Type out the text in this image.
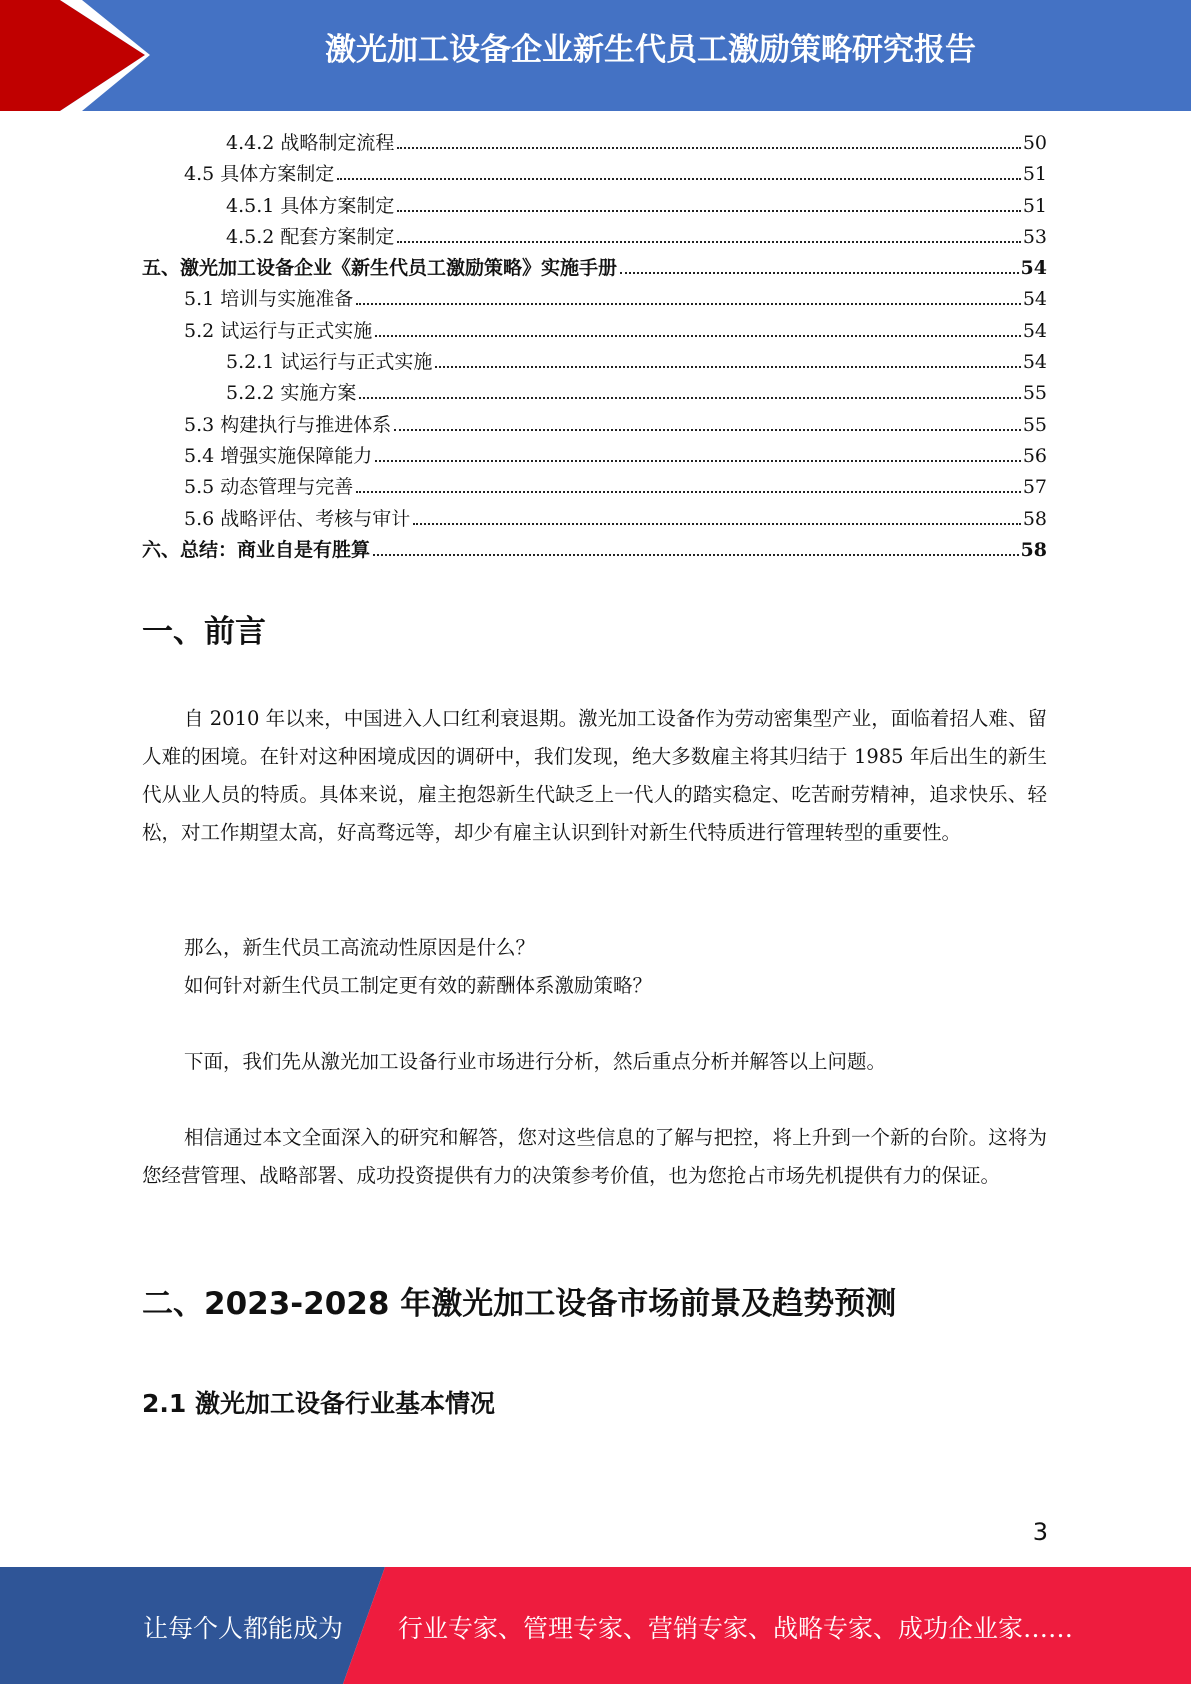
激光加工设备企业新生代员工激励策略研究报告
4.4.2 战略制定流程	50
4.5 具体方案制定	51
4.5.1 具体方案制定	51
4.5.2 配套方案制定	53
五、激光加工设备企业《新生代员工激励策略》实施手册	54
5.1 培训与实施准备	54
5.2 试运行与正式实施	54
5.2.1 试运行与正式实施	54
5.2.2 实施方案	55
5.3 构建执行与推进体系	55
5.4 增强实施保障能力	56
5.5 动态管理与完善	57
5.6 战略评估、考核与审计	58
六、总结：商业自是有胜算	58
一、前言

自 2010 年以来，中国进入人口红利衰退期。激光加工设备作为劳动密集型产业，面临着招人难、留人难的困境。在针对这种困境成因的调研中，我们发现，绝大多数雇主将其归结于 1985 年后出生的新生代从业人员的特质。具体来说，雇主抱怨新生代缺乏上一代人的踏实稳定、吃苦耐劳精神，追求快乐、轻松，对工作期望太高，好高骛远等，却少有雇主认识到针对新生代特质进行管理转型的重要性。

那么，新生代员工高流动性原因是什么？
如何针对新生代员工制定更有效的薪酬体系激励策略？

下面，我们先从激光加工设备行业市场进行分析，然后重点分析并解答以上问题。

相信通过本文全面深入的研究和解答，您对这些信息的了解与把控，将上升到一个新的台阶。这将为您经营管理、战略部署、成功投资提供有力的决策参考价值，也为您抢占市场先机提供有力的保证。

二、2023-2028 年激光加工设备市场前景及趋势预测
2.1 激光加工设备行业基本情况
3
让每个人都能成为 行业专家、管理专家、营销专家、战略专家、成功企业家……
